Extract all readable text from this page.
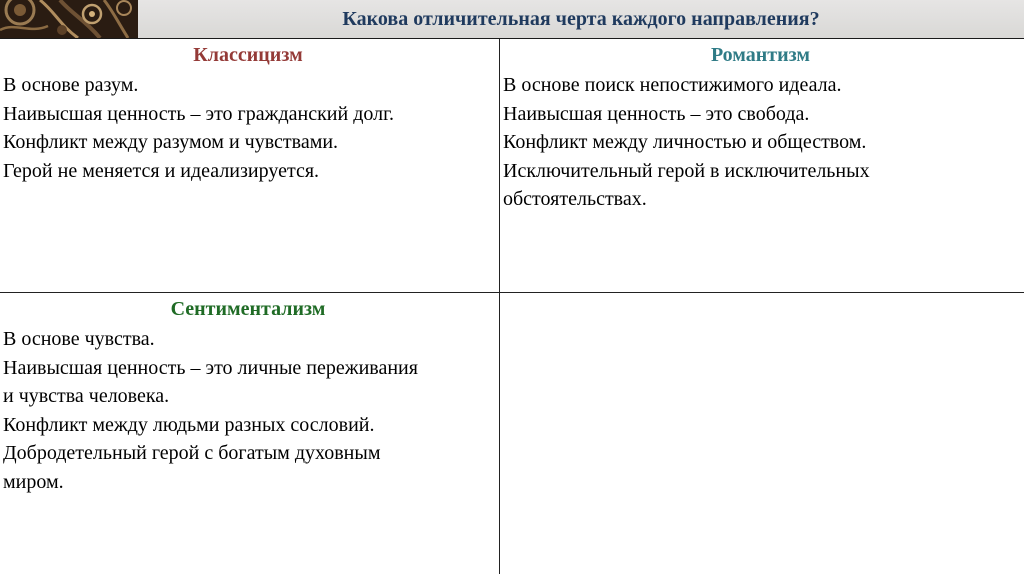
Какова отличительная черта каждого направления?
Классицизм
В основе разум.
Наивысшая ценность – это гражданский долг.
Конфликт между разумом и чувствами.
Герой не меняется и идеализируется.
Романтизм
В основе поиск непостижимого идеала.
Наивысшая ценность – это свобода.
Конфликт между личностью и обществом.
Исключительный герой в исключительных
обстоятельствах.
Сентиментализм
В основе чувства.
Наивысшая ценность – это личные переживания
и чувства человека.
Конфликт между людьми разных сословий.
Добродетельный герой с богатым духовным
миром.
